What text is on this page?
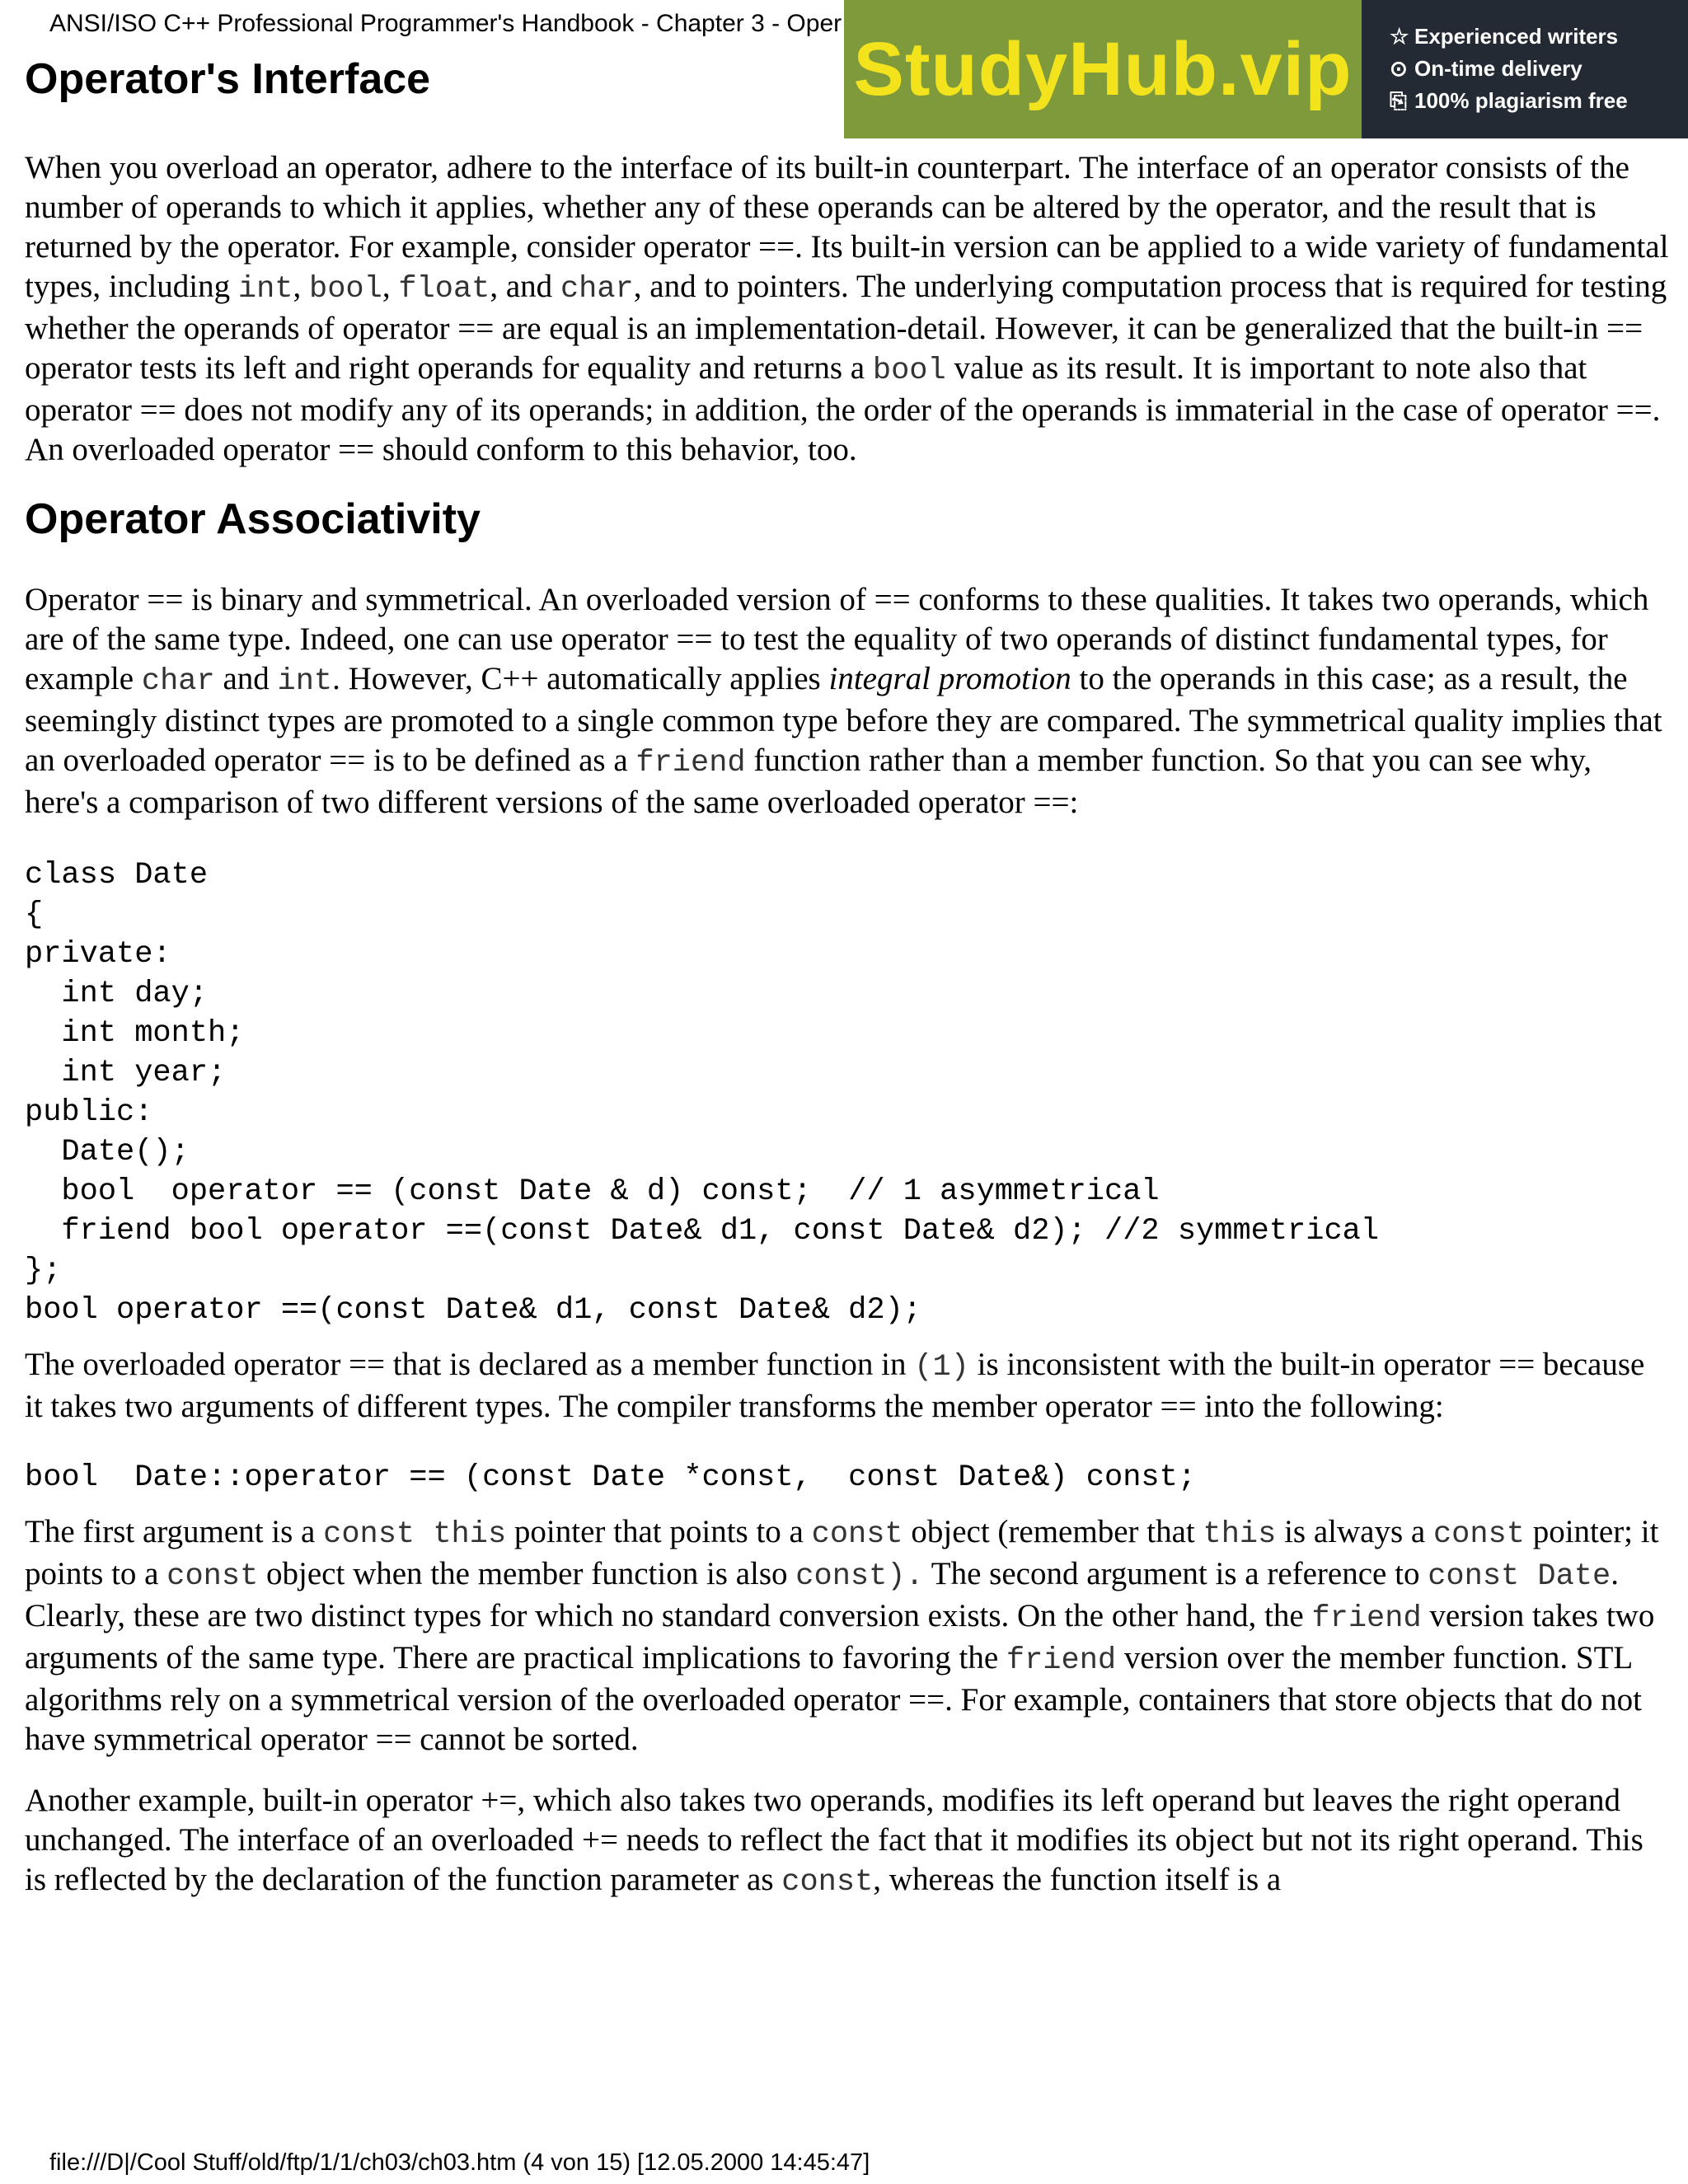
ANSI/ISO C++ Professional Programmer's Handbook - Chapter 3 - Oper
StudyHub.vip	☆ Experienced writers
⊙ On-time delivery
⎘ 100% plagiarism free
Operator's Interface

When you overload an operator, adhere to the interface of its built-in counterpart. The interface of an operator consists of the number of operands to which it applies, whether any of these operands can be altered by the operator, and the result that is returned by the operator. For example, consider operator ==. Its built-in version can be applied to a wide variety of fundamental types, including int, bool, float, and char, and to pointers. The underlying computation process that is required for testing whether the operands of operator == are equal is an implementation-detail. However, it can be generalized that the built-in == operator tests its left and right operands for equality and returns a bool value as its result. It is important to note also that operator == does not modify any of its operands; in addition, the order of the operands is immaterial in the case of operator ==. An overloaded operator == should conform to this behavior, too.

Operator Associativity

Operator == is binary and symmetrical. An overloaded version of == conforms to these qualities. It takes two operands, which are of the same type. Indeed, one can use operator == to test the equality of two operands of distinct fundamental types, for example char and int. However, C++ automatically applies integral promotion to the operands in this case; as a result, the seemingly distinct types are promoted to a single common type before they are compared. The symmetrical quality implies that an overloaded operator == is to be defined as a friend function rather than a member function. So that you can see why, here's a comparison of two different versions of the same overloaded operator ==:

class Date
{
private:
int day;
int month;
int year;
public:
Date();
bool  operator == (const Date & d) const;  // 1 asymmetrical
friend bool operator ==(const Date& d1, const Date& d2); //2 symmetrical
};
bool operator ==(const Date& d1, const Date& d2);

The overloaded operator == that is declared as a member function in (1) is inconsistent with the built-in operator == because it takes two arguments of different types. The compiler transforms the member operator == into the following:

bool  Date::operator == (const Date *const,  const Date&) const;

The first argument is a const this pointer that points to a const object (remember that this is always a const pointer; it points to a const object when the member function is also const). The second argument is a reference to const Date. Clearly, these are two distinct types for which no standard conversion exists. On the other hand, the friend version takes two arguments of the same type. There are practical implications to favoring the friend version over the member function. STL algorithms rely on a symmetrical version of the overloaded operator ==. For example, containers that store objects that do not have symmetrical operator == cannot be sorted.

Another example, built-in operator +=, which also takes two operands, modifies its left operand but leaves the right operand unchanged. The interface of an overloaded += needs to reflect the fact that it modifies its object but not its right operand. This is reflected by the declaration of the function parameter as const, whereas the function itself is a

file:///D|/Cool Stuff/old/ftp/1/1/ch03/ch03.htm (4 von 15) [12.05.2000 14:45:47]
